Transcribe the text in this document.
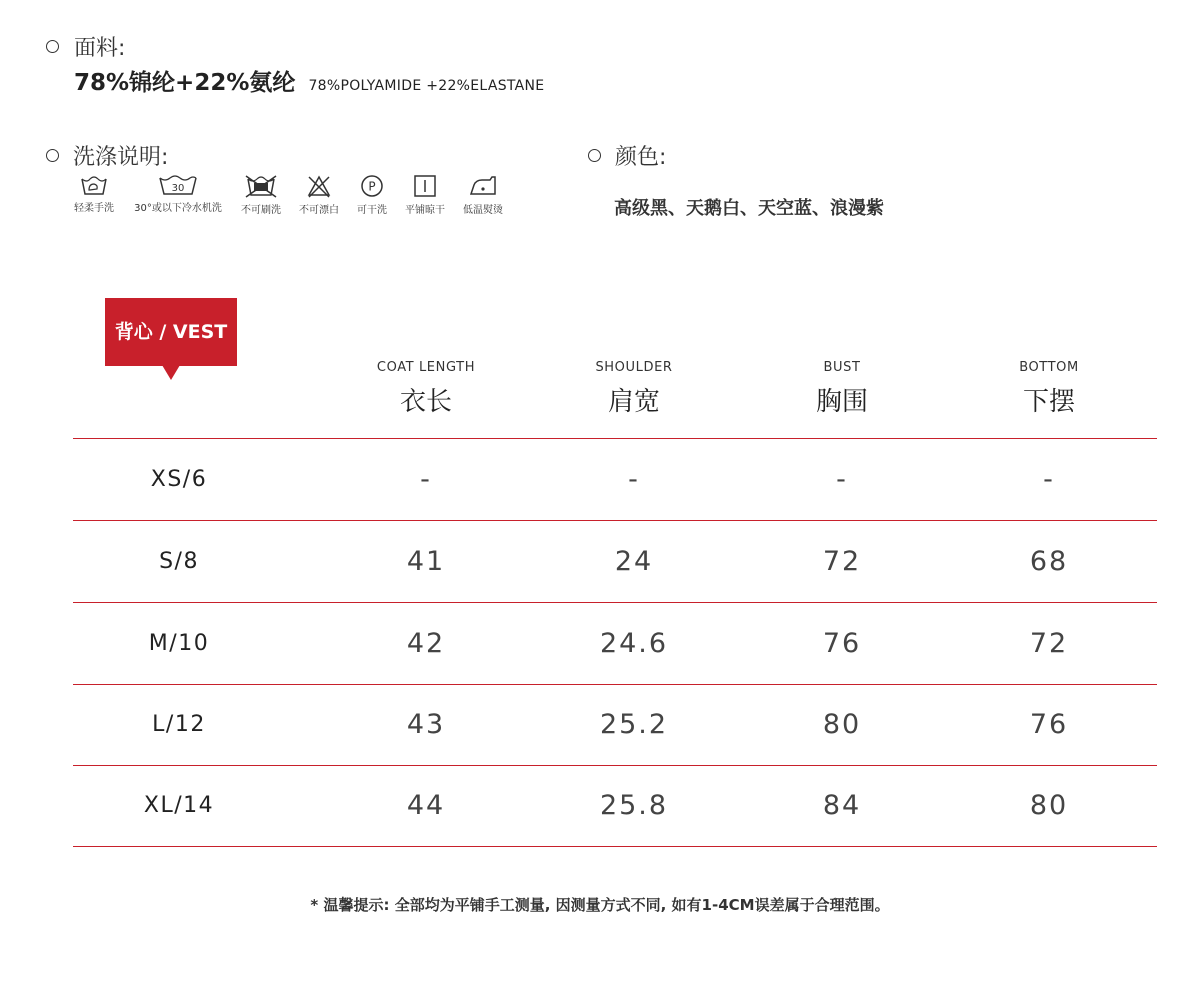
面料:
78%锦纶+22%氨纶 78%POLYAMIDE +22%ELASTANE
洗涤说明:
轻柔手洗
30
30°或以下冷水机洗	不可刷洗	不可漂白
P
可干洗	平铺晾干	低温熨烫
颜色:
高级黑、天鹅白、天空蓝、浪漫紫
背心 / VEST
COAT LENGTH
衣长
SHOULDER
肩宽
BUST
胸围
BOTTOM
下摆
XS/6	-	-	-	-
S/8	41	24	72	68
M/10	42	24.6	76	72
L/12	43	25.2	80	76
XL/14	44	25.8	84	80
* 温馨提示: 全部均为平铺手工测量, 因测量方式不同, 如有1-4CM误差属于合理范围。
